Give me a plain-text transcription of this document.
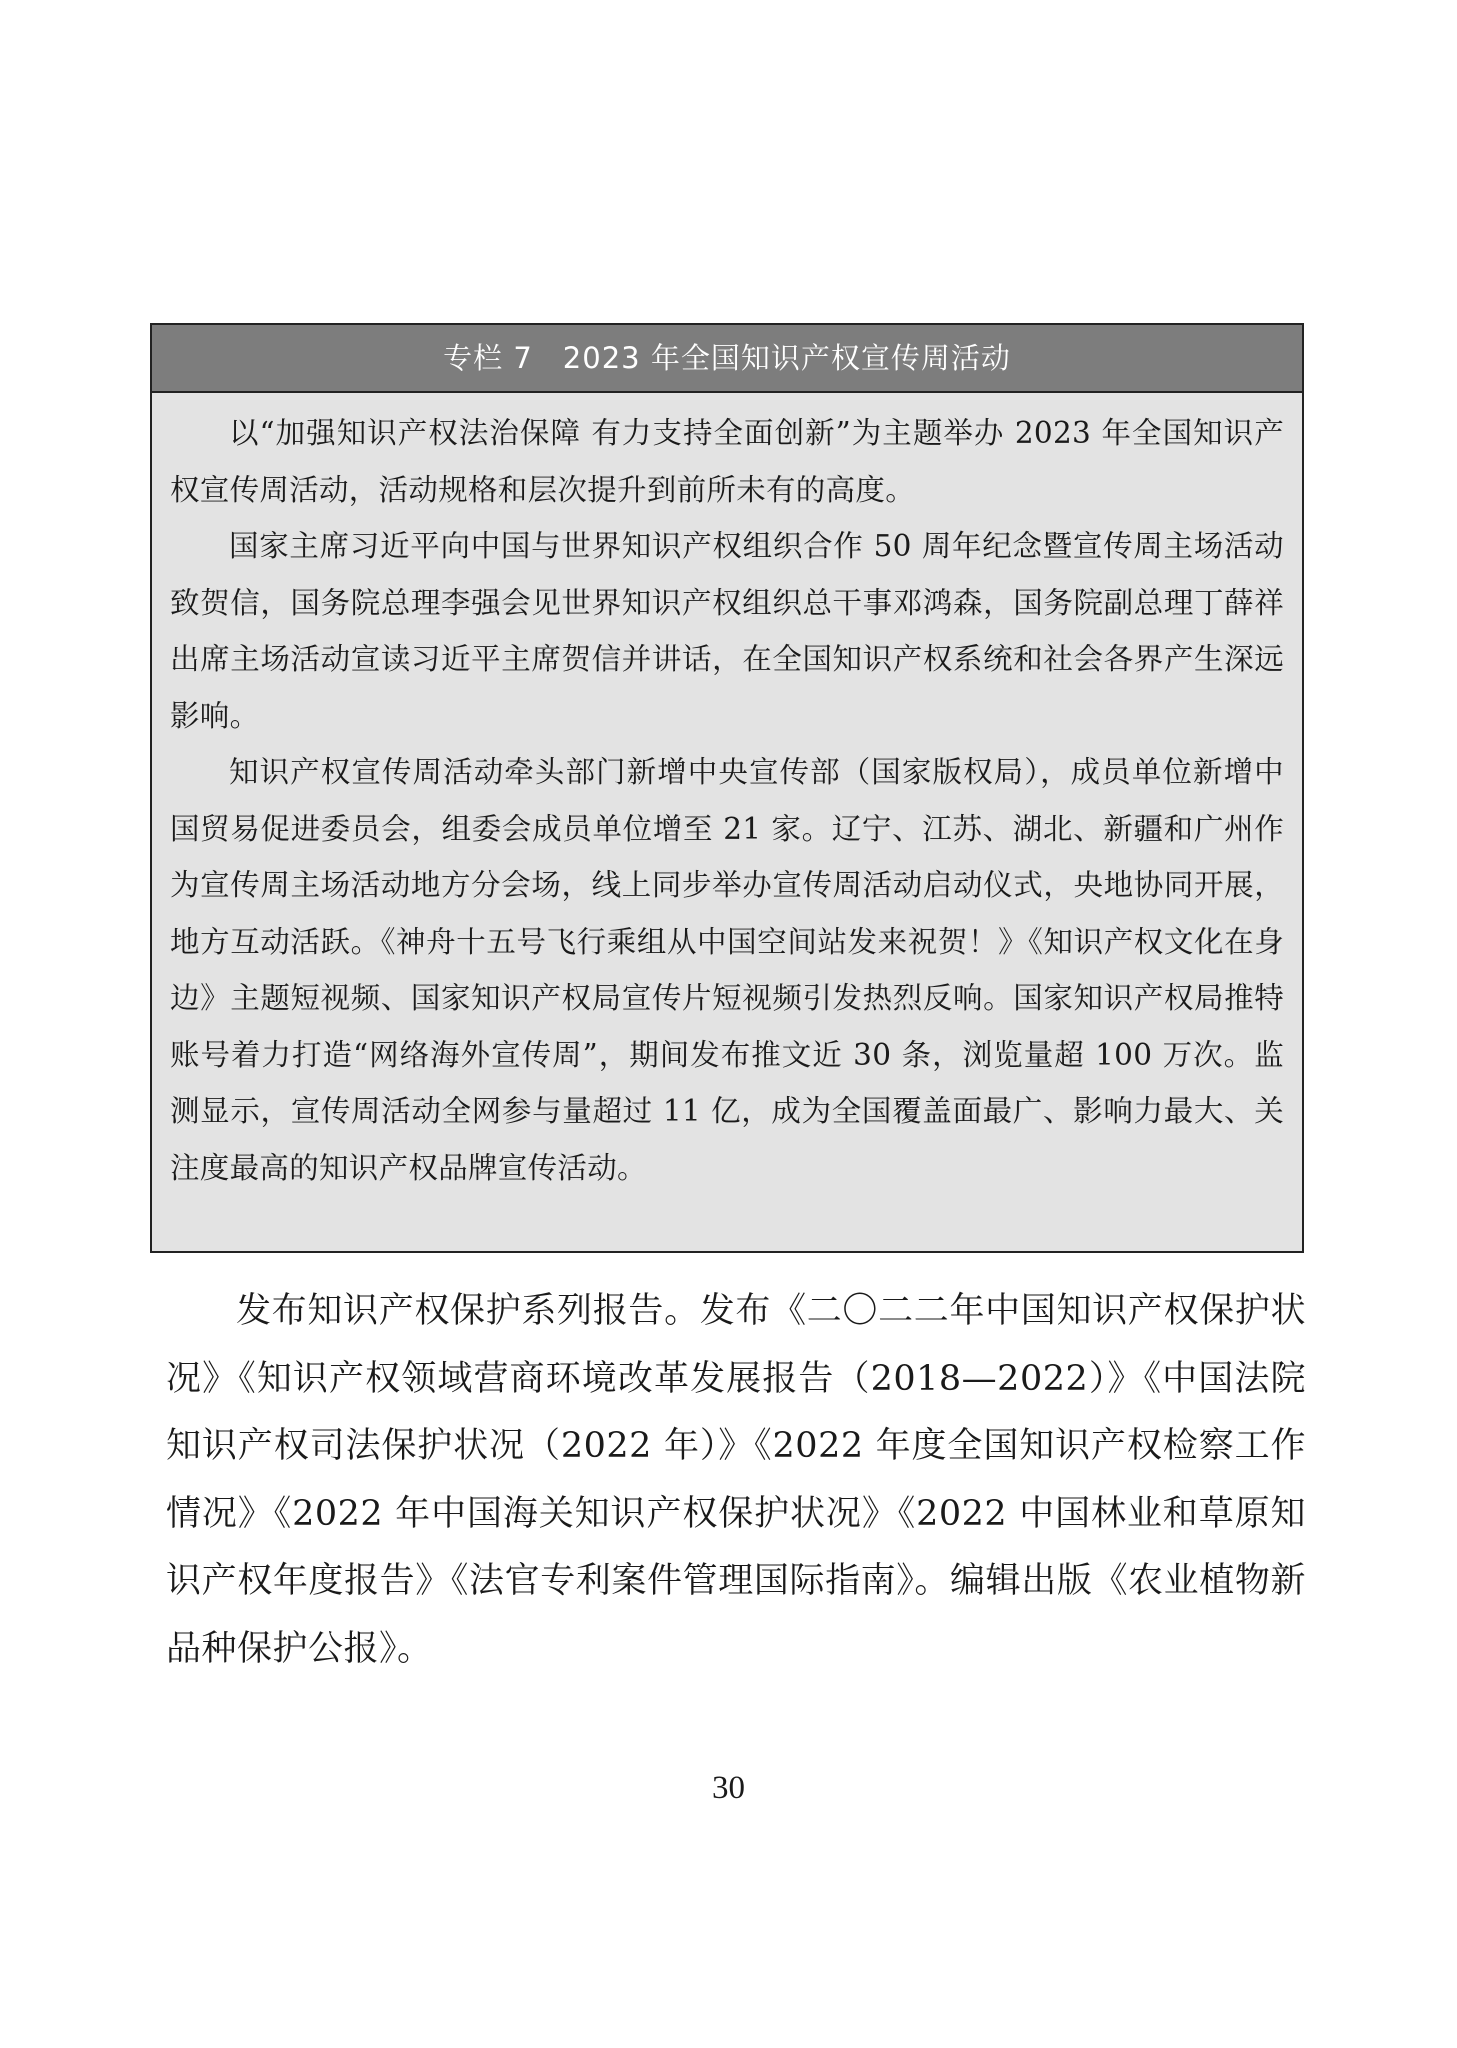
专栏 7　2023 年全国知识产权宣传周活动

以“加强知识产权法治保障 有力支持全面创新”为主题举办 2023 年全国知识产权宣传周活动，活动规格和层次提升到前所未有的高度。

国家主席习近平向中国与世界知识产权组织合作 50 周年纪念暨宣传周主场活动致贺信，国务院总理李强会见世界知识产权组织总干事邓鸿森，国务院副总理丁薛祥出席主场活动宣读习近平主席贺信并讲话，在全国知识产权系统和社会各界产生深远影响。

知识产权宣传周活动牵头部门新增中央宣传部（国家版权局），成员单位新增中国贸易促进委员会，组委会成员单位增至 21 家。辽宁、江苏、湖北、新疆和广州作为宣传周主场活动地方分会场，线上同步举办宣传周活动启动仪式，央地协同开展，地方互动活跃。《神舟十五号飞行乘组从中国空间站发来祝贺！》《知识产权文化在身边》主题短视频、国家知识产权局宣传片短视频引发热烈反响。国家知识产权局推特账号着力打造“网络海外宣传周”，期间发布推文近 30 条，浏览量超 100 万次。监测显示，宣传周活动全网参与量超过 11 亿，成为全国覆盖面最广、影响力最大、关注度最高的知识产权品牌宣传活动。

发布知识产权保护系列报告。发布《二〇二二年中国知识产权保护状况》《知识产权领域营商环境改革发展报告（2018—2022）》《中国法院知识产权司法保护状况（2022 年）》《2022 年度全国知识产权检察工作情况》《2022 年中国海关知识产权保护状况》《2022 中国林业和草原知识产权年度报告》《法官专利案件管理国际指南》。编辑出版《农业植物新品种保护公报》。

30
